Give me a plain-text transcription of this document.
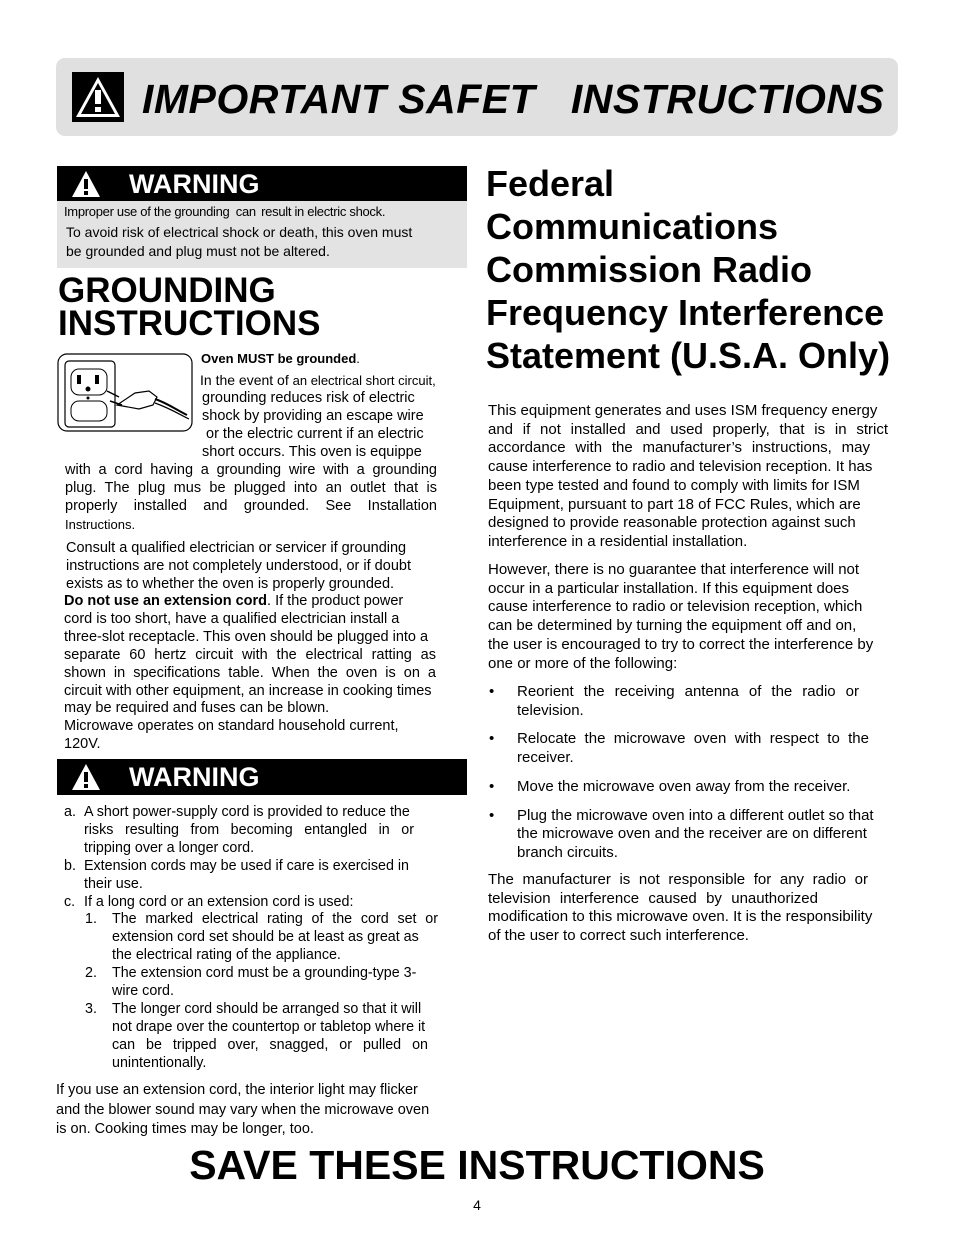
IMPORTANT SAFET   INSTRUCTIONS
WARNING
Improper use of the grounding can result in electric shock.
To avoid risk of electrical shock or death, this oven must
be grounded and plug must not be altered.
GROUNDING
INSTRUCTIONS
Oven MUST be grounded.
In the event of an electrical short circuit,
grounding reduces risk of electric
shock by providing an escape wire
or the electric current if an electric
short occurs. This oven is equippe
with a cord having a grounding wire with a grounding
plug. The plug mus be plugged into an outlet that is
properly installed and grounded. See Installation
Instructions.
Consult a qualified electrician or servicer if grounding
instructions are not completely understood, or if doubt
exists as to whether the oven is properly grounded.
Do not use an extension cord. If the product power
cord is too short, have a qualified electrician install a
three-slot receptacle. This oven should be plugged into a
separate 60 hertz circuit with the electrical ratting as
shown in specifications table. When the oven is on a
circuit with other equipment, an increase in cooking times
may be required and fuses can be blown.
Microwave operates on standard household current,
120V.
WARNING
a. A short power-supply cord is provided to reduce the
risks resulting from becoming entangled in or
tripping over a longer cord.
b. Extension cords may be used if care is exercised in
their use.
c. If a long cord or an extension cord is used:
1. The marked electrical rating of the cord set or
extension cord set should be at least as great as
the electrical rating of the appliance.
2. The extension cord must be a grounding-type 3-
wire cord.
3. The longer cord should be arranged so that it will
not drape over the countertop or tabletop where it
can be tripped over, snagged, or pulled on
unintentionally.
If you use an extension cord, the interior light may flicker
and the blower sound may vary when the microwave oven
is on. Cooking times may be longer, too.
Federal
Communications
Commission Radio
Frequency Interference
Statement (U.S.A. Only)
This equipment generates and uses ISM frequency energy
and if not installed and used properly, that is in strict
accordance with the manufacturer’s instructions, may
cause interference to radio and television reception. It has
been type tested and found to comply with limits for ISM
Equipment, pursuant to part 18 of FCC Rules, which are
designed to provide reasonable protection against such
interference in a residential installation.
However, there is no guarantee that interference will not
occur in a particular installation. If this equipment does
cause interference to radio or television reception, which
can be determined by turning the equipment off and on,
the user is encouraged to try to correct the interference by
one or more of the following:
• Reorient the receiving antenna of the radio or
television.
• Relocate the microwave oven with respect to the
receiver.
• Move the microwave oven away from the receiver.
• Plug the microwave oven into a different outlet so that
the microwave oven and the receiver are on different
branch circuits.
The manufacturer is not responsible for any radio or
television interference caused by unauthorized
modification to this microwave oven. It is the responsibility
of the user to correct such interference.
SAVE THESE INSTRUCTIONS
4
